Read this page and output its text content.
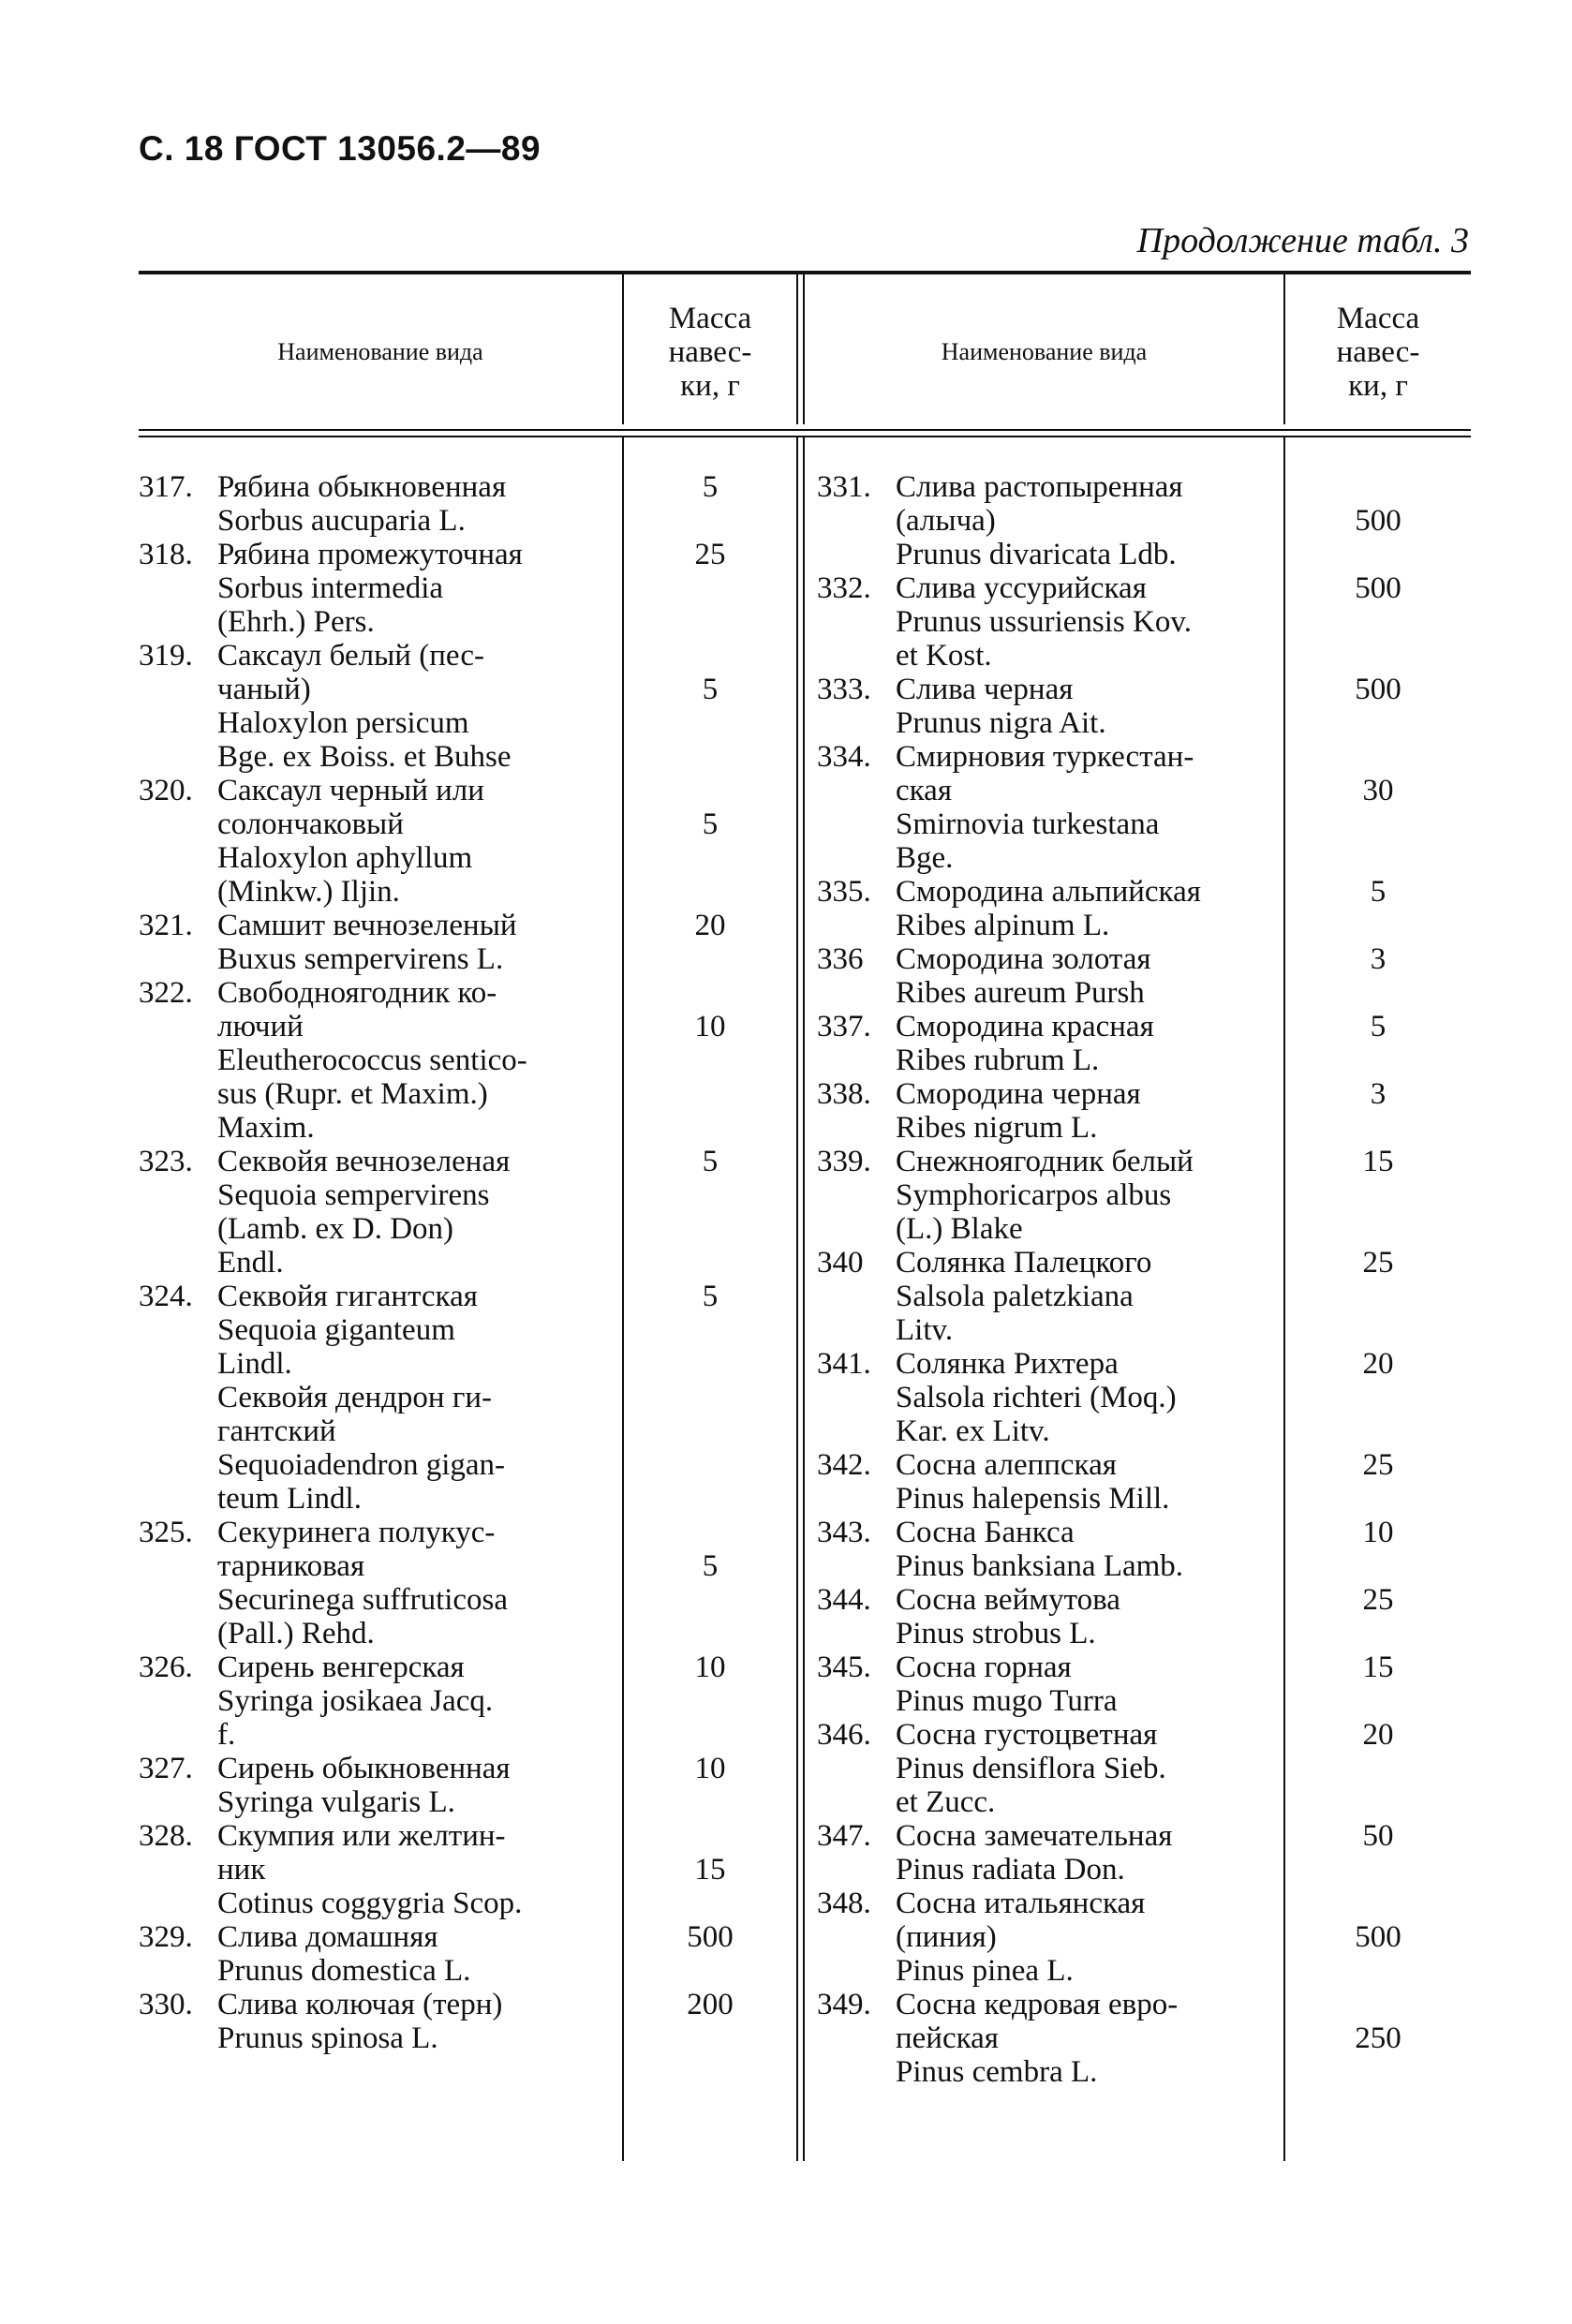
С. 18 ГОСТ 13056.2—89
Продолжение табл. 3
Наименование вида
Масса
навес-
ки, г
Наименование вида
Масса
навес-
ки, г
317. Рябина обыкновенная
Sorbus aucuparia L.
318. Рябина промежуточная
Sorbus intermedia
(Ehrh.) Pers.
319. Саксаул белый (пес-
чаный)
Haloxylon persicum
Bge. ex Boiss. et Buhse
320. Саксаул черный или
солончаковый
Haloxylon aphyllum
(Minkw.) Iljin.
321. Самшит вечнозеленый
Buxus sempervirens L.
322. Свободноягодник ко-
лючий
Eleutherococcus sentico-
sus (Rupr. et Maxim.)
Maxim.
323. Секвойя вечнозеленая
Sequoia sempervirens
(Lamb. ex D. Don)
Endl.
324. Секвойя гигантская
Sequoia giganteum
Lindl.
Секвойя дендрон ги-
гантский
Sequoiadendron gigan-
teum Lindl.
325. Секуринега полукус-
тарниковая
Securinega suffruticosa
(Pall.) Rehd.
326. Сирень венгерская
Syringa josikaea Jacq.
f.
327. Сирень обыкновенная
Syringa vulgaris L.
328. Скумпия или желтин-
ник
Cotinus coggygria Scop.
329. Слива домашняя
Prunus domestica L.
330. Слива колючая (терн)
Prunus spinosa L.
5
25
5
5
20
10
5
5
5
10
10
15
500
200
331. Слива растопыренная
(алыча)
Prunus divaricata Ldb.
332. Слива уссурийская
Prunus ussuriensis Kov.
et Kost.
333. Слива черная
Prunus nigra Ait.
334. Смирновия туркестан-
ская
Smirnovia turkestana
Bge.
335. Смородина альпийская
Ribes alpinum L.
336	Смородина золотая
Ribes aureum Pursh
337. Смородина красная
Ribes rubrum L.
338. Смородина черная
Ribes nigrum L.
339. Снежноягодник белый
Symphoricarpos albus
(L.) Blake
340	Солянка Палецкого
Salsola paletzkiana
Litv.
341. Солянка Рихтера
Salsola richteri (Moq.)
Kar. ex Litv.
342. Сосна алеппская
Pinus halepensis Mill.
343. Сосна Банкса
Pinus banksiana Lamb.
344. Сосна веймутова
Pinus strobus L.
345. Сосна горная
Pinus mugo Turra
346. Сосна густоцветная
Pinus densiflora Sieb.
et Zucc.
347. Сосна замечательная
Pinus radiata Don.
348. Сосна итальянская
(пиния)
Pinus pinea L.
349. Сосна кедровая евро-
пейская
Pinus cembra L.
500
500
500
30
5
3
5
3
15
25
20
25
10
25
15
20
50
500
250
